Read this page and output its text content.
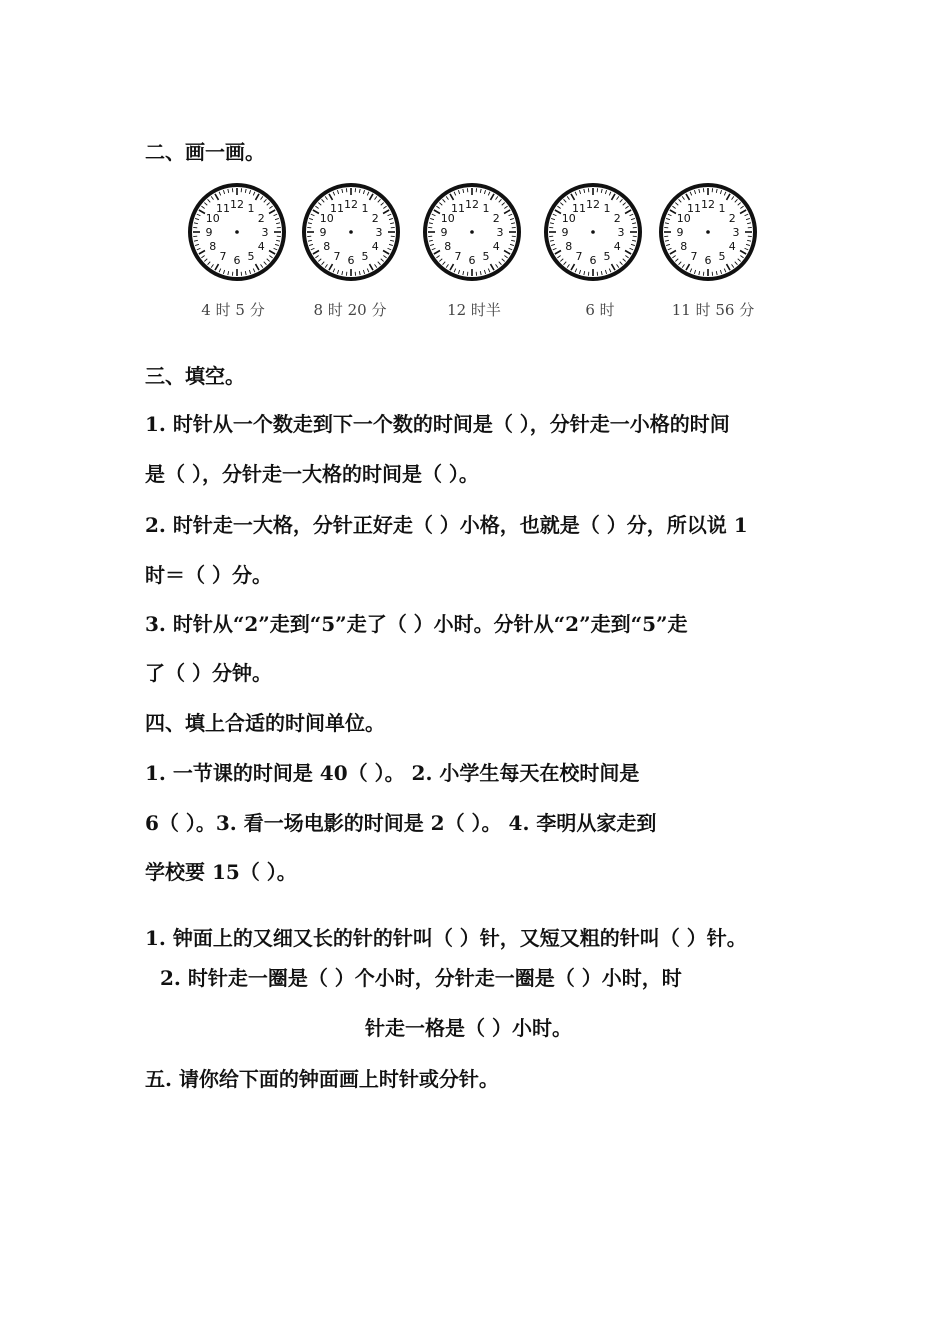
二、画一画。
12 1
2
3
4
5
6
7
8
9
10
11	12 1
2
3
4
5
6
7
8
9
10
11	12 1
2
3
4
5
6
7
8
9
10
11	12 1
2
3
4
5
6
7
8
9
10
11	12 1
2
3
4
5
6
7
8
9
10
11
4 时 5 分	8 时 20 分	12 时半	6 时	11 时 56 分
三、填空。
1. 时针从一个数走到下一个数的时间是（ ），分针走一小格的时间
是（ ），分针走一大格的时间是（ ）。
2. 时针走一大格，分针正好走（ ）小格，也就是（ ）分，所以说 1
时＝（ ）分。
3. 时针从“2”走到“5”走了（ ）小时。分针从“2”走到“5”走
了（ ）分钟。
四、填上合适的时间单位。
1. 一节课的时间是 40（ ）。 2. 小学生每天在校时间是
6（ ）。3. 看一场电影的时间是 2（ ）。 4. 李明从家走到
学校要 15（ ）。
1. 钟面上的又细又长的针的针叫（ ）针，又短又粗的针叫（ ）针。
2. 时针走一圈是（ ）个小时，分针走一圈是（ ）小时，时
针走一格是（ ）小时。
五. 请你给下面的钟面画上时针或分针。
